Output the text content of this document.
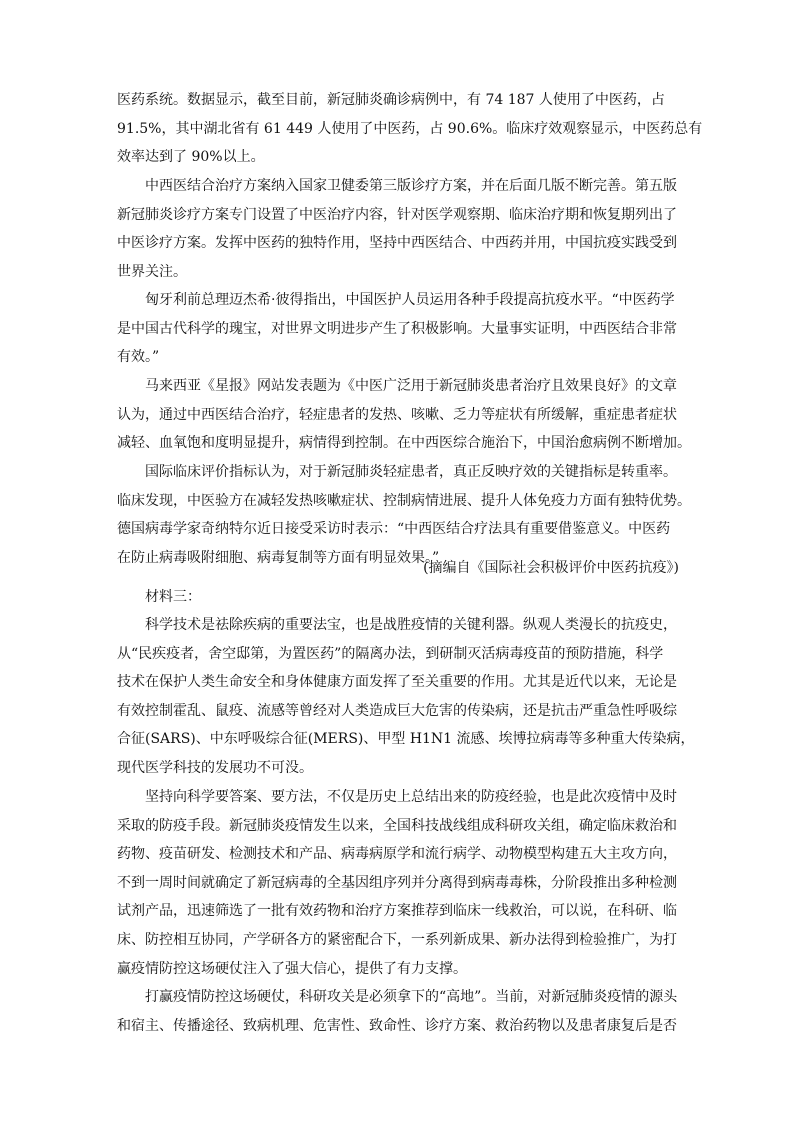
医药系统。数据显示，截至目前，新冠肺炎确诊病例中，有 74 187 人使用了中医药，占
91.5%，其中湖北省有 61 449 人使用了中医药，占 90.6%。临床疗效观察显示，中医药总有
效率达到了 90%以上。
中西医结合治疗方案纳入国家卫健委第三版诊疗方案，并在后面几版不断完善。第五版
新冠肺炎诊疗方案专门设置了中医治疗内容，针对医学观察期、临床治疗期和恢复期列出了
中医诊疗方案。发挥中医药的独特作用，坚持中西医结合、中西药并用，中国抗疫实践受到
世界关注。
匈牙利前总理迈杰希·彼得指出，中国医护人员运用各种手段提高抗疫水平。“中医药学
是中国古代科学的瑰宝，对世界文明进步产生了积极影响。大量事实证明，中西医结合非常
有效。”
马来西亚《星报》网站发表题为《中医广泛用于新冠肺炎患者治疗且效果良好》的文章
认为，通过中西医结合治疗，轻症患者的发热、咳嗽、乏力等症状有所缓解，重症患者症状
减轻、血氧饱和度明显提升，病情得到控制。在中西医综合施治下，中国治愈病例不断增加。
国际临床评价指标认为，对于新冠肺炎轻症患者，真正反映疗效的关键指标是转重率。
临床发现，中医验方在减轻发热咳嗽症状、控制病情进展、提升人体免疫力方面有独特优势。
德国病毒学家奇纳特尔近日接受采访时表示：“中西医结合疗法具有重要借鉴意义。中医药
在防止病毒吸附细胞、病毒复制等方面有明显效果。”
(摘编自《国际社会积极评价中医药抗疫》)
材料三：
科学技术是祛除疾病的重要法宝，也是战胜疫情的关键利器。纵观人类漫长的抗疫史，
从“民疾疫者，舍空邸第，为置医药”的隔离办法，到研制灭活病毒疫苗的预防措施，科学
技术在保护人类生命安全和身体健康方面发挥了至关重要的作用。尤其是近代以来，无论是
有效控制霍乱、鼠疫、流感等曾经对人类造成巨大危害的传染病，还是抗击严重急性呼吸综
合征(SARS)、中东呼吸综合征(MERS)、甲型 H1N1 流感、埃博拉病毒等多种重大传染病，
现代医学科技的发展功不可没。
坚持向科学要答案、要方法，不仅是历史上总结出来的防疫经验，也是此次疫情中及时
采取的防疫手段。新冠肺炎疫情发生以来，全国科技战线组成科研攻关组，确定临床救治和
药物、疫苗研发、检测技术和产品、病毒病原学和流行病学、动物模型构建五大主攻方向，
不到一周时间就确定了新冠病毒的全基因组序列并分离得到病毒毒株，分阶段推出多种检测
试剂产品，迅速筛选了一批有效药物和治疗方案推荐到临床一线救治，可以说，在科研、临
床、防控相互协同，产学研各方的紧密配合下，一系列新成果、新办法得到检验推广，为打
赢疫情防控这场硬仗注入了强大信心，提供了有力支撑。
打赢疫情防控这场硬仗，科研攻关是必须拿下的“高地”。当前，对新冠肺炎疫情的源头
和宿主、传播途径、致病机理、危害性、致命性、诊疗方案、救治药物以及患者康复后是否
